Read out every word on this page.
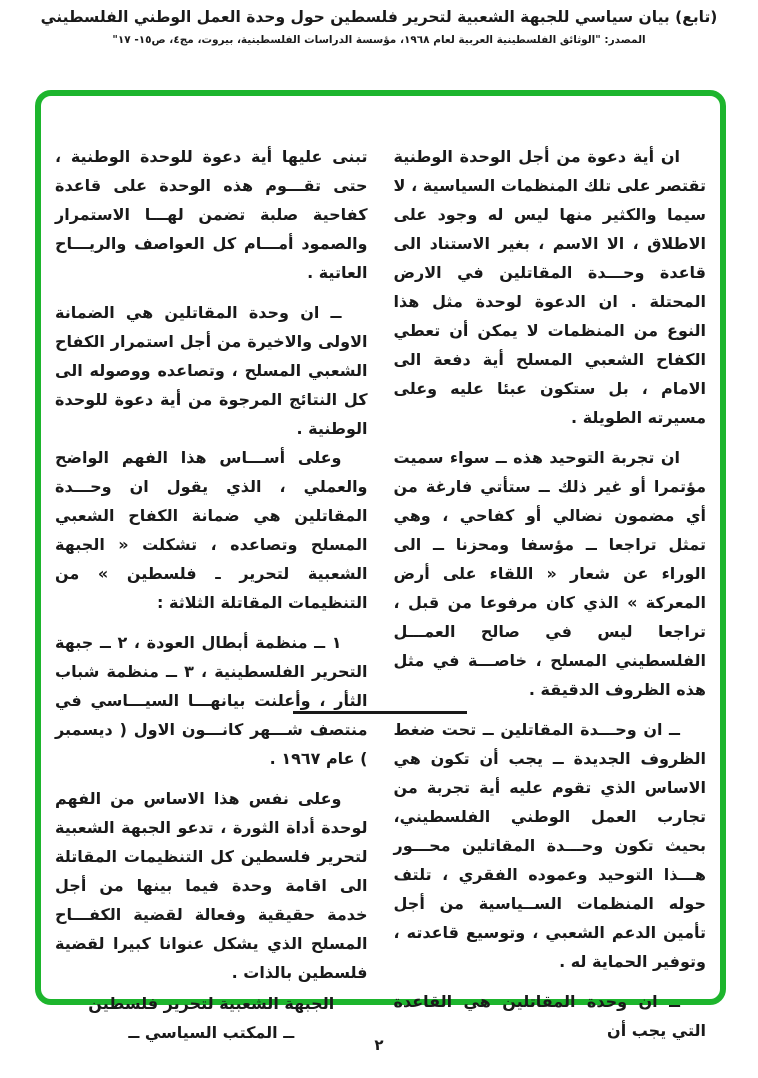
(تابع) بيان سياسي للجبهة الشعبية لتحرير فلسطين حول وحدة العمل الوطني الفلسطيني
المصدر: "الوثائق الفلسطينية العربية لعام ١٩٦٨، مؤسسة الدراسات الفلسطينية، بيروت، مج٤، ص١٥- ١٧"

ان أية دعوة من أجل الوحدة الوطنية تقتصر على تلك المنظمات السياسية ، لا سيما والكثير منها ليس له وجود على الاطلاق ، الا الاسم ، بغير الاستناد الى قاعدة وحـــدة المقاتلين في الارض المحتلة . ان الدعوة لوحدة مثل هذا النوع من المنظمات لا يمكن أن تعطي الكفاح الشعبي المسلح أية دفعة الى الامام ، بل ستكون عبئا عليه وعلى مسيرته الطويلة .

ان تجربة التوحيد هذه ــ سواء سميت مؤتمرا أو غير ذلك ــ ستأتي فارغة من أي مضمون نضالي أو كفاحي ، وهي تمثل تراجعا ــ مؤسفا ومحزنا ــ الى الوراء عن شعار « اللقاء على أرض المعركة » الذي كان مرفوعا من قبل ، تراجعا ليس في صالح العمـــل الفلسطيني المسلح ، خاصـــة في مثل هذه الظروف الدقيقة .

ــ ان وحـــدة المقاتلين ــ تحت ضغط الظروف الجديدة ــ يجب أن تكون هي الاساس الذي تقوم عليه أية تجربة من تجارب العمل الوطني الفلسطيني، بحيث تكون وحـــدة المقاتلين محـــور هـــذا التوحيد وعموده الفقري ، تلتف حوله المنظمات الســياسية من أجل تأمين الدعم الشعبي ، وتوسيع قاعدته ، وتوفير الحماية له .

ــ ان وحدة المقاتلين هي القاعدة التي يجب أن

تبنى عليها أية دعوة للوحدة الوطنية ، حتى تقـــوم هذه الوحدة على قاعدة كفاحية صلبة تضمن لهـــا الاستمرار والصمود أمـــام كل العواصف والريـــاح العاتية .

ــ ان وحدة المقاتلين هي الضمانة الاولى والاخيرة من أجل استمرار الكفاح الشعبي المسلح ، وتصاعده ووصوله الى كل النتائج المرجوة من أية دعوة للوحدة الوطنية .

وعلى أســـاس هذا الفهم الواضح والعملي ، الذي يقول ان وحـــدة المقاتلين هي ضمانة الكفاح الشعبي المسلح وتصاعده ، تشكلت « الجبهة الشعبية لتحرير ـ فلسطين » من التنظيمات المقاتلة الثلاثة :

١ ــ منظمة أبطال العودة ، ٢ ــ جبهة التحرير الفلسطينية ، ٣ ــ منظمة شباب الثأر ، وأعلنت بيانهـــا السيـــاسي في منتصف شـــهر كانـــون الاول ( ديسمبر ) عام ١٩٦٧ .

وعلى نفس هذا الاساس من الفهم لوحدة أداة الثورة ، تدعو الجبهة الشعبية لتحرير فلسطين كل التنظيمات المقاتلة الى اقامة وحدة فيما بينها من أجل خدمة حقيقية وفعالة لقضية الكفـــاح المسلح الذي يشكل عنوانا كبيرا لقضية فلسطين بالذات .

الجبهة الشعبية لتحرير فلسطين
ــ المكتب السياسي ــ
٢
